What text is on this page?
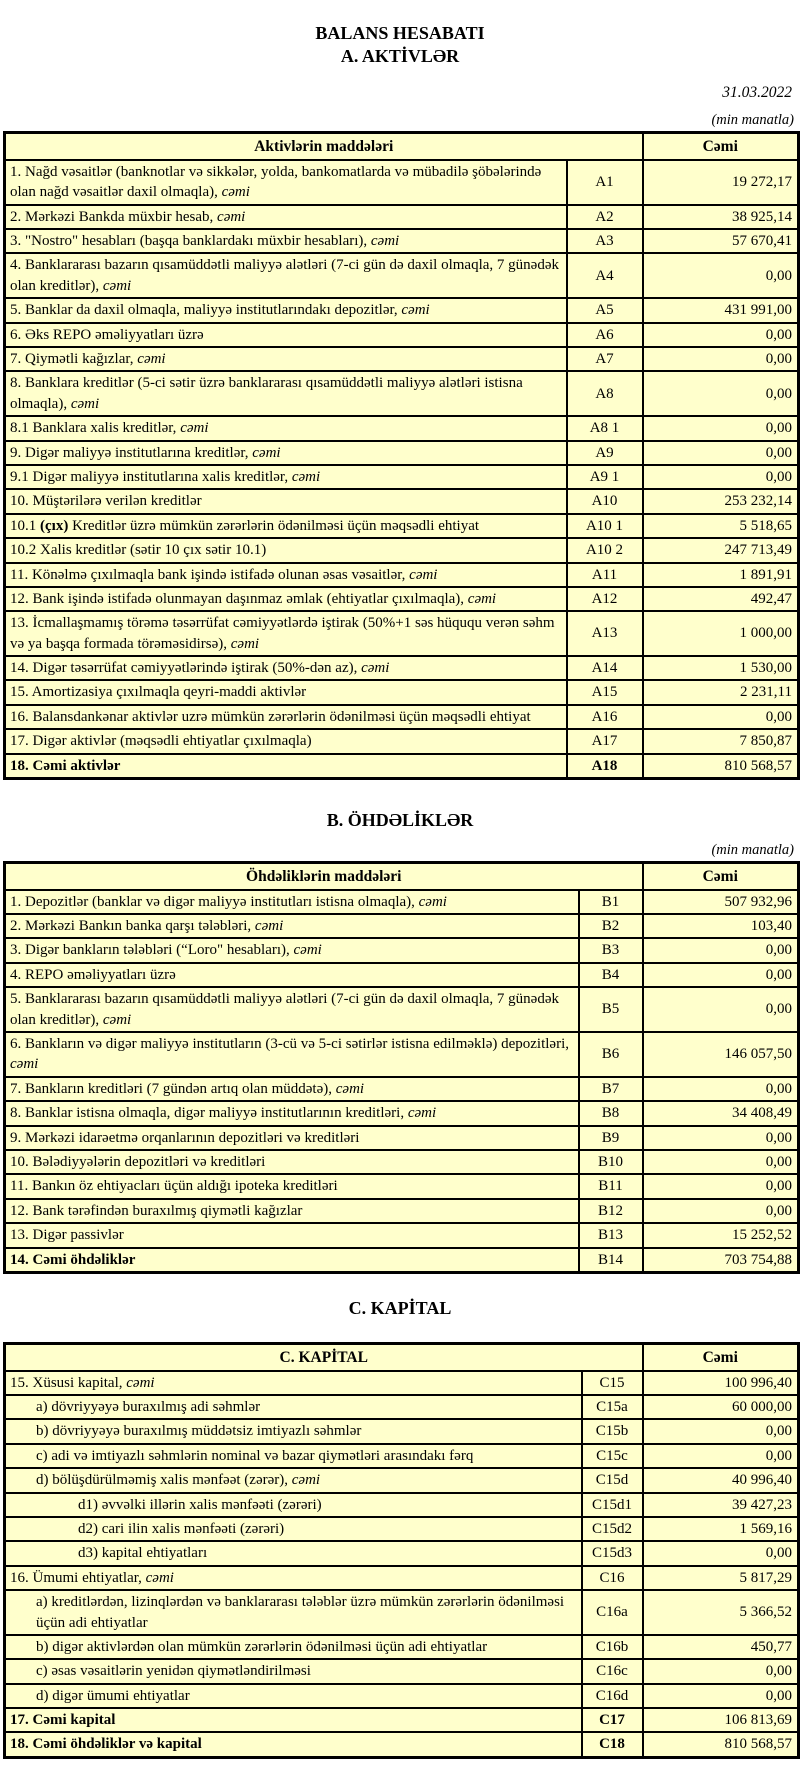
BALANS HESABATI
A. AKTİVLƏR
31.03.2022
(min manatla)
Aktivlərin maddələri		Cəmi
1. Nağd vəsaitlər (banknotlar və sikkələr, yolda, bankomatlarda və mübadilə şöbələrində olan nağd vəsaitlər daxil olmaqla), cəmi	A1	19 272,17
2. Mərkəzi Bankda müxbir hesab, cəmi	A2	38 925,14
3. "Nostro" hesabları (başqa banklardakı müxbir hesabları), cəmi	A3	57 670,41
4. Banklararası bazarın qısamüddətli maliyyə alətləri (7-ci gün də daxil olmaqla, 7 günədək olan kreditlər), cəmi	A4	0,00
5. Banklar da daxil olmaqla, maliyyə institutlarındakı depozitlər, cəmi	A5	431 991,00
6. Əks REPO əməliyyatları üzrə	A6	0,00
7. Qiymətli kağızlar, cəmi	A7	0,00
8. Banklara kreditlər (5-ci sətir üzrə banklararası qısamüddətli maliyyə alətləri istisna olmaqla), cəmi	A8	0,00
8.1 Banklara xalis kreditlər, cəmi	A8 1	0,00
9. Digər maliyyə institutlarına kreditlər, cəmi	A9	0,00
9.1 Digər maliyyə institutlarına xalis kreditlər, cəmi	A9 1	0,00
10. Müştərilərə verilən kreditlər	A10	253 232,14
10.1 (çıx) Kreditlər üzrə mümkün zərərlərin ödənilməsi üçün məqsədli ehtiyat	A10 1	5 518,65
10.2 Xalis kreditlər (sətir 10 çıx sətir 10.1)	A10 2	247 713,49
11. Könəlmə çıxılmaqla bank işində istifadə olunan əsas vəsaitlər, cəmi	A11	1 891,91
12. Bank işində istifadə olunmayan daşınmaz əmlak (ehtiyatlar çıxılmaqla), cəmi	A12	492,47
13. İcmallaşmamış törəmə təsərrüfat cəmiyyətlərdə iştirak (50%+1 səs hüququ verən səhm və ya başqa formada törəməsidirsə), cəmi	A13	1 000,00
14. Digər təsərrüfat cəmiyyətlərində iştirak (50%-dən az), cəmi	A14	1 530,00
15. Amortizasiya çıxılmaqla qeyri-maddi aktivlər	A15	2 231,11
16. Balansdankənar aktivlər uzrə mümkün zərərlərin ödənilməsi üçün məqsədli ehtiyat	A16	0,00
17. Digər aktivlər (məqsədli ehtiyatlar çıxılmaqla)	A17	7 850,87
18. Cəmi aktivlər	A18	810 568,57
B. ÖHDƏLİKLƏR
(min manatla)
Öhdəliklərin maddələri		Cəmi
1. Depozitlər (banklar və digər maliyyə institutları istisna olmaqla), cəmi	B1	507 932,96
2. Mərkəzi Bankın banka qarşı tələbləri, cəmi	B2	103,40
3. Digər bankların tələbləri (“Loro" hesabları), cəmi	B3	0,00
4. REPO əməliyyatları üzrə	B4	0,00
5. Banklararası bazarın qısamüddətli maliyyə alətləri (7-ci gün də daxil olmaqla, 7 günədək olan kreditlər), cəmi	B5	0,00
6. Bankların və digər maliyyə institutların (3-cü və 5-ci sətirlər istisna edilməklə) depozitləri, cəmi	B6	146 057,50
7. Bankların kreditləri (7 gündən artıq olan müddətə), cəmi	B7	0,00
8. Banklar istisna olmaqla, digər maliyyə institutlarının kreditləri, cəmi	B8	34 408,49
9. Mərkəzi idarəetmə orqanlarının depozitləri və kreditləri	B9	0,00
10. Bələdiyyələrin depozitləri və kreditləri	B10	0,00
11. Bankın öz ehtiyacları üçün aldığı ipoteka kreditləri	B11	0,00
12. Bank tərəfindən buraxılmış qiymətli kağızlar	B12	0,00
13. Digər passivlər	B13	15 252,52
14. Cəmi öhdəliklər	B14	703 754,88
C. KAPİTAL
C. KAPİTAL		Cəmi
15. Xüsusi kapital, cəmi	C15	100 996,40
a) dövriyyəyə buraxılmış adi səhmlər	C15a	60 000,00
b) dövriyyəyə buraxılmış müddətsiz imtiyazlı səhmlər	C15b	0,00
c) adi və imtiyazlı səhmlərin nominal və bazar qiymətləri arasındakı fərq	C15c	0,00
d) bölüşdürülməmiş xalis mənfəət (zərər), cəmi	C15d	40 996,40
d1) əvvəlki illərin xalis mənfəəti (zərəri)	C15d1	39 427,23
d2) cari ilin xalis mənfəəti (zərəri)	C15d2	1 569,16
d3) kapital ehtiyatları	C15d3	0,00
16. Ümumi ehtiyatlar, cəmi	C16	5 817,29
a) kreditlərdən, lizinqlərdən və banklararası tələblər üzrə mümkün zərərlərin ödənilməsi üçün adi ehtiyatlar	C16a	5 366,52
b) digər aktivlərdən olan mümkün zərərlərin ödənilməsi üçün adi ehtiyatlar	C16b	450,77
c) əsas vəsaitlərin yenidən qiymətləndirilməsi	C16c	0,00
d) digər ümumi ehtiyatlar	C16d	0,00
17. Cəmi kapital	C17	106 813,69
18. Cəmi öhdəliklər və kapital	C18	810 568,57
